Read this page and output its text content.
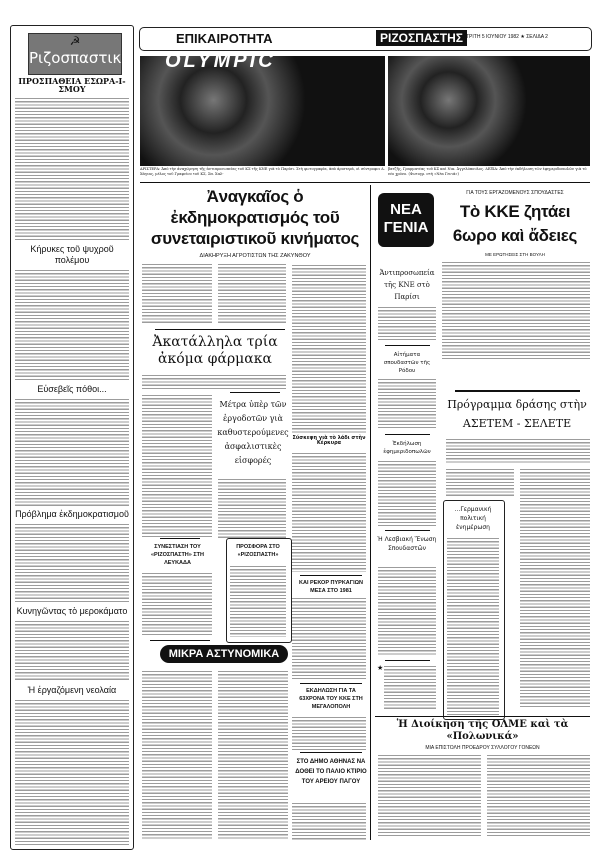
☭
Ριζοσπαστικά
ΠΡΟΣΠΑΘΕΙΑ ΕΣΩΡΑ-Ι-ΣΜΟΥ
Κήρυκες τοῦ ψυχροῦ πολέμου
Εὐσεβεῖς πόθοι...
Πρόβλημα ἐκδημοκρατισμοῦ
Κυνηγῶντας τὸ μεροκάματο
Ἡ ἐργαζόμενη νεολαία
ΕΠΙΚΑΙΡΟΤΗΤΑ	ΡΙΖΟΣΠΑΣΤΗΣ ΤΡΙΤΗ 5 ΙΟΥΝΙΟΥ 1982 ★ ΣΕΛΙΔΑ 2
OLYMPIC
ΑΡΙΣΤΕΡΑ: Ἀπὸ τὴν ἀναχώρηση τῆς ἀντιπροσωπείας τοῦ ΚΣ τῆς ΚΝΕ γιὰ τὸ Παρίσι. Στὴ φωτογραφία, ἀπὸ ἀριστερά, οἱ σύντροφοι Δ. Χάγιας, μέλος τοῦ Γραφείου τοῦ ΚΣ, Σπ. Χαλ-
βατζῆς, Γραμματέας τοῦ ΚΣ καὶ Νικ. Ἀγγελόπουλος. ΔΕΞΙΑ: Ἀπὸ τὴν ἐκδήλωση τῶν ἐφημεριδοπωλῶν γιὰ τὸ νέο χρόνο. (Φωτογρ. στὴ «Νέα Γενιά»)
Ἀναγκαῖος ὁ ἐκδημοκρατισμός τοῦ συνεταιριστικοῦ κινήματος
ΔΙΑΚΗΡΥΞΗ ΑΓΡΟΤΙΣΤΩΝ ΤΗΣ ΖΑΚΥΝΘΟΥ
Ἀκατάλληλα τρία ἀκόμα φάρμακα
Μέτρα ὑπὲρ τῶν ἐργοδοτῶν γιὰ καθυστερούμενες ἀσφαλιστικὲς εἰσφορές
Σύσκεψη γιὰ τὸ λάδι στὴν Κέρκυρα
ΣΥΝΕΣΤΙΑΣΗ ΤΟΥ «ΡΙΖΟΣΠΑΣΤΗ» ΣΤΗ ΛΕΥΚΑΔΑ
ΠΡΟΣΦΟΡΑ ΣΤΟ «ΡΙΖΟΣΠΑΣΤΗ»
ΚΑΙ ΡΕΚΟΡ ΠΥΡΚΑΓΙΩΝ ΜΕΣΑ ΣΤΟ 1981
ΜΙΚΡΑ ΑΣΤΥΝΟΜΙΚΑ
ΕΚΔΗΛΩΣΗ ΓΙΑ ΤΑ 63ΧΡΟΝΑ ΤΟΥ ΚΚΕ ΣΤΗ ΜΕΓΑΛΟΠΟΛΗ
ΣΤΟ ΔΗΜΟ ΑΘΗΝΑΣ ΝΑ ΔΟΘΕΙ ΤΟ ΠΑΛΙΟ ΚΤΙΡΙΟ ΤΟΥ ΑΡΕΙΟΥ ΠΑΓΟΥ
ΝΕΑ
ΓΕΝΙΑ
ΓΙΑ ΤΟΥΣ ΕΡΓΑΖΟΜΕΝΟΥΣ ΣΠΟΥΔΑΣΤΕΣ
Τὸ ΚΚΕ ζητάει 6ωρο καὶ ἄδειες
ΜΕ ΕΡΩΤΗΣΕΙΣ ΣΤΗ ΒΟΥΛΗ
Ἀντιπροσωπεία τῆς ΚΝΕ στὸ Παρίσι
Αἰτήματα σπουδαστῶν τῆς Ρόδου
Ἐκδήλωση ἐφημεριδοπωλῶν
Ἡ Λεσβιακή Ἕνωση Σπουδαστῶν
★
Πρόγραμμα δράσης στὴν ΑΣΕΤΕΜ - ΣΕΛΕΤΕ
...Γερμανική πολιτική ἐνημέρωση
Ἡ Διοίκηση τῆς ΟΛΜΕ καὶ τὰ «Πολωνικά»
ΜΙΑ ΕΠΙΣΤΟΛΗ ΠΡΟΕΔΡΟΥ ΣΥΛΛΟΓΟΥ ΓΟΝΕΩΝ
